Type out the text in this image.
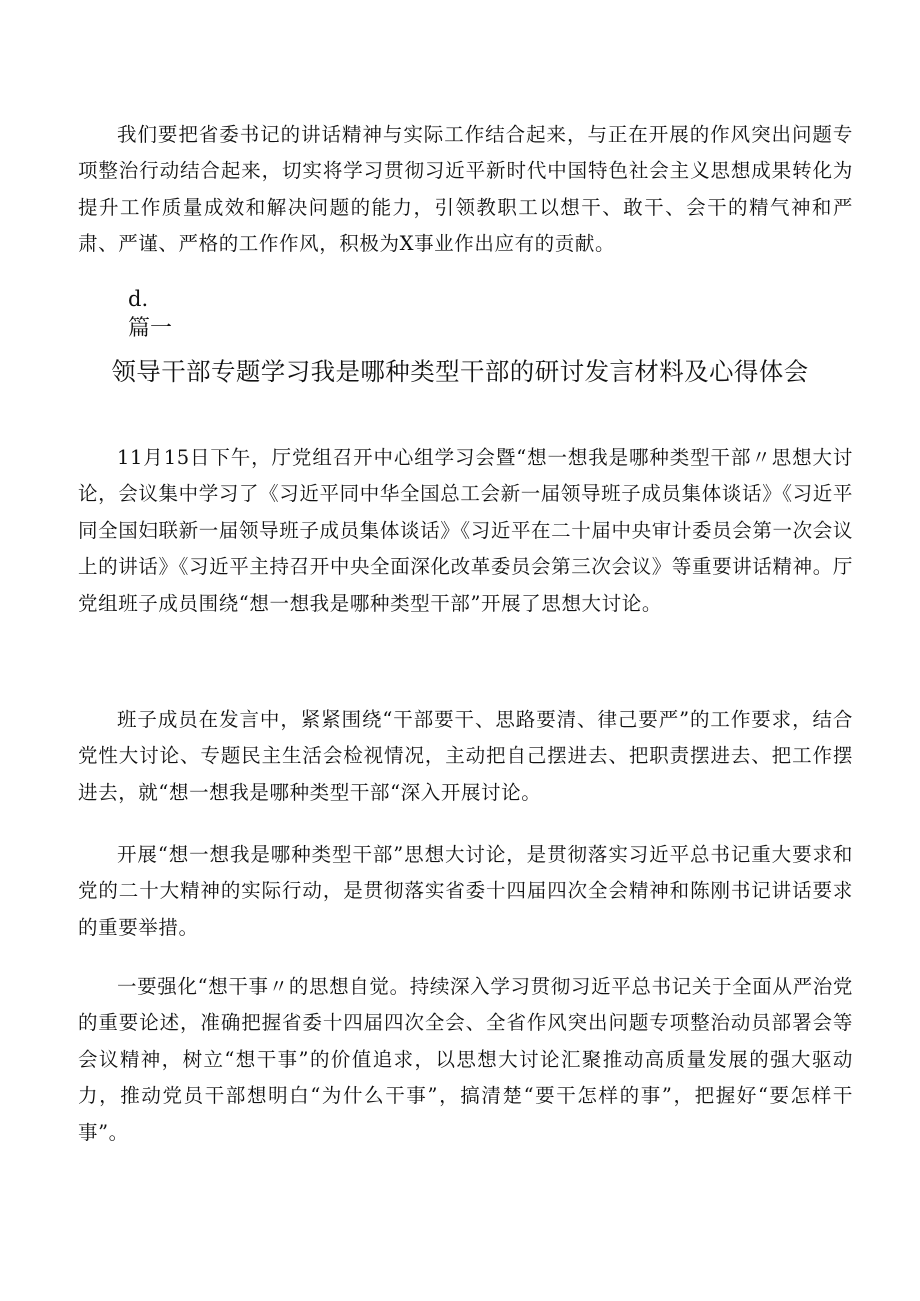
我们要把省委书记的讲话精神与实际工作结合起来，与正在开展的作风突出问题专项整治行动结合起来，切实将学习贯彻习近平新时代中国特色社会主义思想成果转化为提升工作质量成效和解决问题的能力，引领教职工以想干、敢干、会干的精气神和严肃、严谨、严格的工作作风，积极为X事业作出应有的贡献。

d.
篇一
领导干部专题学习我是哪种类型干部的研讨发言材料及心得体会

11月15日下午，厅党组召开中心组学习会暨“想一想我是哪种类型干部〃思想大讨论，会议集中学习了《习近平同中华全国总工会新一届领导班子成员集体谈话》《习近平同全国妇联新一届领导班子成员集体谈话》《习近平在二十届中央审计委员会第一次会议上的讲话》《习近平主持召开中央全面深化改革委员会第三次会议》等重要讲话精神。厅党组班子成员围绕“想一想我是哪种类型干部”开展了思想大讨论。

班子成员在发言中，紧紧围绕“干部要干、思路要清、律己要严”的工作要求，结合党性大讨论、专题民主生活会检视情况，主动把自己摆进去、把职责摆进去、把工作摆进去，就“想一想我是哪种类型干部“深入开展讨论。

开展“想一想我是哪种类型干部”思想大讨论，是贯彻落实习近平总书记重大要求和党的二十大精神的实际行动，是贯彻落实省委十四届四次全会精神和陈刚书记讲话要求的重要举措。

一要强化“想干事〃的思想自觉。持续深入学习贯彻习近平总书记关于全面从严治党的重要论述，准确把握省委十四届四次全会、全省作风突出问题专项整治动员部署会等会议精神，树立“想干事”的价值追求，以思想大讨论汇聚推动高质量发展的强大驱动力，推动党员干部想明白“为什么干事”，搞清楚“要干怎样的事”，把握好“要怎样干事”。
